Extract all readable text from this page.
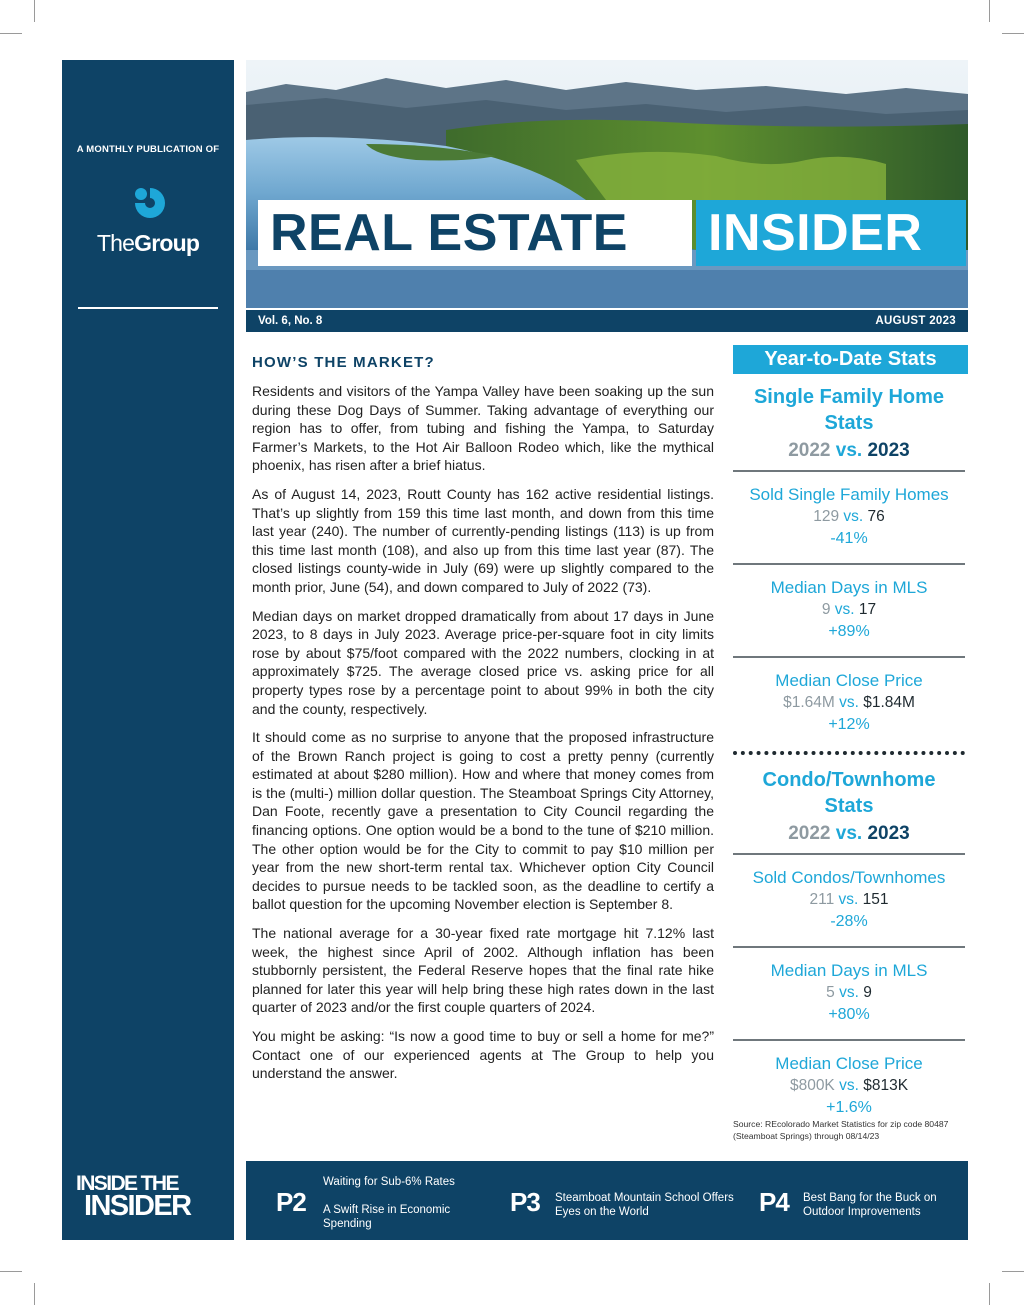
A MONTHLY PUBLICATION OF
TheGroup
INSIDE THE
INSIDER
REAL ESTATE INSIDER
Vol. 6, No. 8	AUGUST 2023
HOW’S THE MARKET?

Residents and visitors of the Yampa Valley have been soaking up the sun during these Dog Days of Summer. Taking advantage of everything our region has to offer, from tubing and fishing the Yampa, to Saturday Farmer’s Markets, to the Hot Air Balloon Rodeo which, like the mythical phoenix, has risen after a brief hiatus.

As of August 14, 2023, Routt County has 162 active residential listings. That’s up slightly from 159 this time last month, and down from this time last year (240). The number of currently-pending listings (113) is up from this time last month (108), and also up from this time last year (87). The closed listings county-wide in July (69) were up slightly compared to the month prior, June (54), and down compared to July of 2022 (73).

Median days on market dropped dramatically from about 17 days in June 2023, to 8 days in July 2023. Average price-per-square foot in city limits rose by about $75/foot compared with the 2022 numbers, clocking in at approximately $725. The average closed price vs. asking price for all property types rose by a percentage point to about 99% in both the city and the county, respectively.

It should come as no surprise to anyone that the proposed infrastructure of the Brown Ranch project is going to cost a pretty penny (currently estimated at about $280 million). How and where that money comes from is the (multi-) million dollar question. The Steamboat Springs City Attorney, Dan Foote, recently gave a presentation to City Council regarding the financing options. One option would be a bond to the tune of $210 million. The other option would be for the City to commit to pay $10 million per year from the new short-term rental tax. Whichever option City Council decides to pursue needs to be tackled soon, as the deadline to certify a ballot question for the upcoming November election is September 8.

The national average for a 30-year fixed rate mortgage hit 7.12% last week, the highest since April of 2002. Although inflation has been stubbornly persistent, the Federal Reserve hopes that the final rate hike planned for later this year will help bring these high rates down in the last quarter of 2023 and/or the first couple quarters of 2024.

You might be asking: “Is now a good time to buy or sell a home for me?” Contact one of our experienced agents at The Group to help you understand the answer.

Year-to-Date Stats
Single Family Home Stats
2022 vs. 2023
Sold Single Family Homes
129 vs. 76
-41%
Median Days in MLS
9 vs. 17
+89%
Median Close Price
$1.64M vs. $1.84M
+12%
Condo/Townhome Stats
2022 vs. 2023
Sold Condos/Townhomes
211 vs. 151
-28%
Median Days in MLS
5 vs. 9
+80%
Median Close Price
$800K vs. $813K
+1.6%
Source: REcolorado Market Statistics for zip code 80487 (Steamboat Springs) through 08/14/23
P2
Waiting for Sub-6% Rates
A Swift Rise in Economic Spending
P3 Steamboat Mountain School Offers Eyes on the World	P4 Best Bang for the Buck on Outdoor Improvements
